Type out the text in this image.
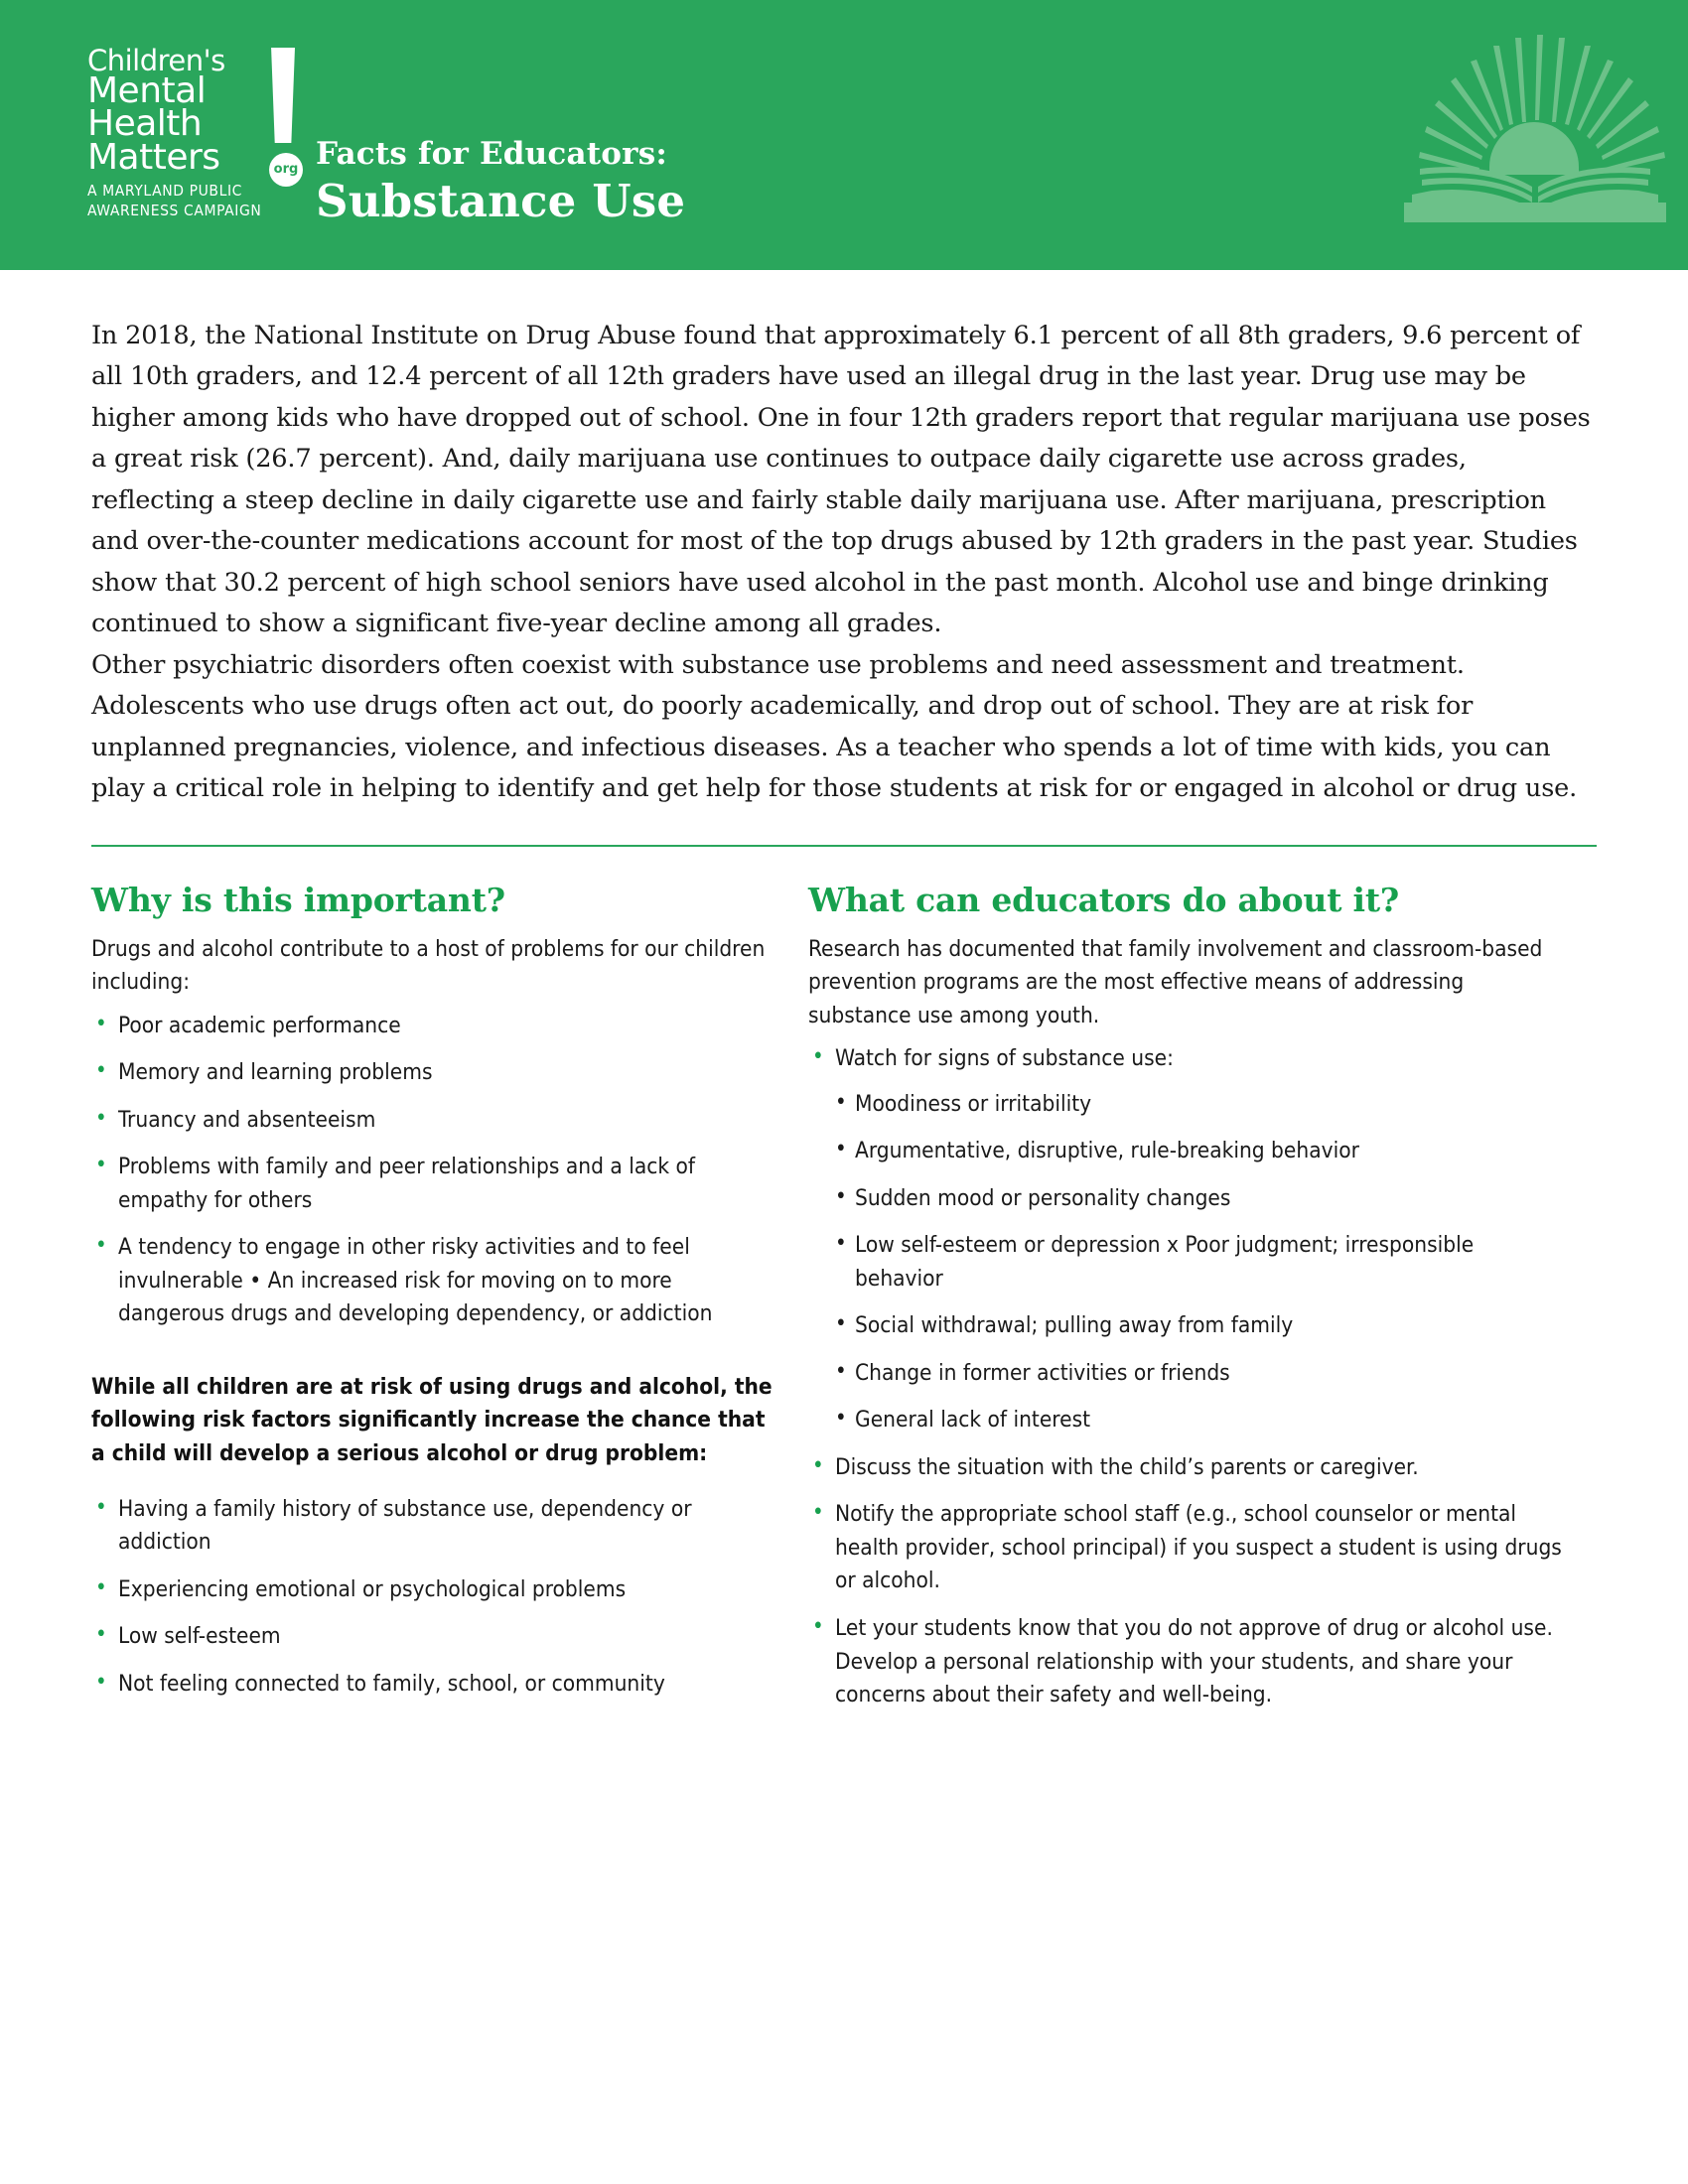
Children's
Mental
Health
Matters	org
A MARYLAND PUBLIC
AWARENESS CAMPAIGN
Facts for Educators:
Substance Use

In 2018, the National Institute on Drug Abuse found that approximately 6.1 percent of all 8th graders, 9.6 percent of all 10th graders, and 12.4 percent of all 12th graders have used an illegal drug in the last year. Drug use may be higher among kids who have dropped out of school. One in four 12th graders report that regular marijuana use poses a great risk (26.7 percent). And, daily marijuana use continues to outpace daily cigarette use across grades, reflecting a steep decline in daily cigarette use and fairly stable daily marijuana use. After marijuana, prescription and over-the-counter medications account for most of the top drugs abused by 12th graders in the past year. Studies show that 30.2 percent of high school seniors have used alcohol in the past month. Alcohol use and binge drinking continued to show a significant five-year decline among all grades.

Other psychiatric disorders often coexist with substance use problems and need assessment and treatment. Adolescents who use drugs often act out, do poorly academically, and drop out of school. They are at risk for unplanned pregnancies, violence, and infectious diseases. As a teacher who spends a lot of time with kids, you can play a critical role in helping to identify and get help for those students at risk for or engaged in alcohol or drug use.

Why is this important?

Drugs and alcohol contribute to a host of problems for our children including:

• Poor academic performance
• Memory and learning problems
• Truancy and absenteeism
• Problems with family and peer relationships and a lack of empathy for others
• A tendency to engage in other risky activities and to feel invulnerable • An increased risk for moving on to more dangerous drugs and developing dependency, or addiction

While all children are at risk of using drugs and alcohol, the following risk factors significantly increase the chance that a child will develop a serious alcohol or drug problem:

• Having a family history of substance use, dependency or addiction
• Experiencing emotional or psychological problems
• Low self-esteem
• Not feeling connected to family, school, or community
What can educators do about it?

Research has documented that family involvement and classroom-based prevention programs are the most effective means of addressing substance use among youth.

• Watch for signs of substance use:
• Moodiness or irritability
• Argumentative, disruptive, rule-breaking behavior
• Sudden mood or personality changes
• Low self-esteem or depression x Poor judgment; irresponsible behavior
• Social withdrawal; pulling away from family
• Change in former activities or friends
• General lack of interest
• Discuss the situation with the child’s parents or caregiver.
• Notify the appropriate school staff (e.g., school counselor or mental health provider, school principal) if you suspect a student is using drugs or alcohol.
• Let your students know that you do not approve of drug or alcohol use. Develop a personal relationship with your students, and share your concerns about their safety and well-being.
